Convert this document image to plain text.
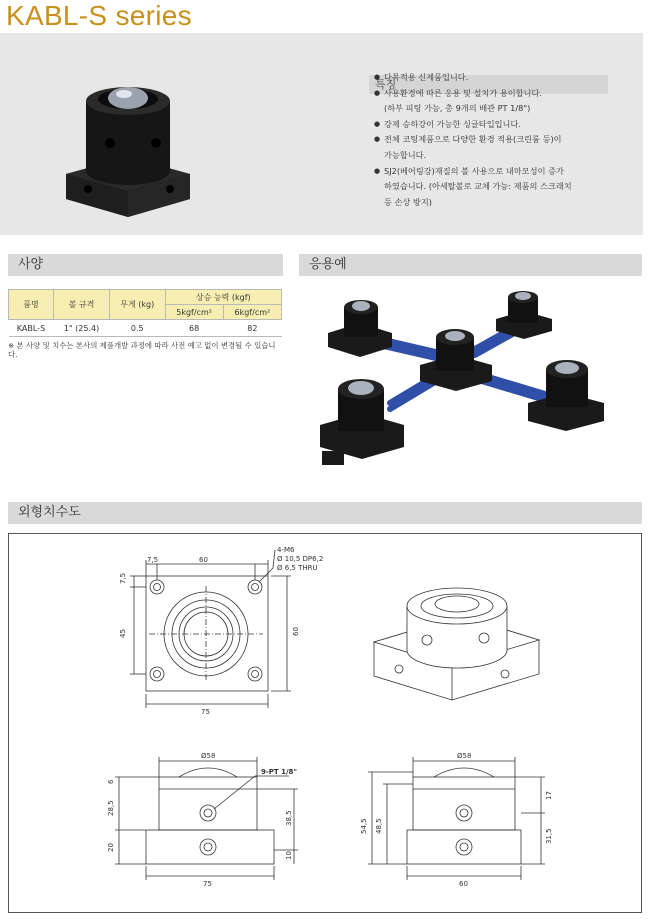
KABL-S series
특징
● 다목적용 신제품입니다.
● 사용환경에 따른 응용 및 설치가 용이합니다.
(하부 피팅 가능, 총 9개의 배관 PT 1/8")
● 강제 승하강이 가능한 싱글타입입니다.
● 전체 코팅제품으로 다양한 환경 적용(크린룸 등)이
가능합니다.
● SJ2(베어링강)재질의 볼 사용으로 내마모성이 증가
하였습니다. (아세탈볼로 교체 가능: 제품의 스크래치
등 손상 방지)
사양	응용예
품명	볼 규격	무게 (kg)	상승 능력 (kgf)	
			5kgf/cm²	6kgf/cm²
KABL-S	1" (25.4)	0.5	68	82
※ 본 사양 및 치수는 본사의 제품개발 과정에 따라 사전 예고 없이 변경될 수 있습니다.
외형치수도
7,5	60
7,5
45	60
75
4-M6
Ø 10,5 DP6,2
Ø 6,5 THRU
Ø58
9-PT 1/8"
6
28,5
20
38,5
10
75
Ø58
54,5 48,5
17
31,5
60
